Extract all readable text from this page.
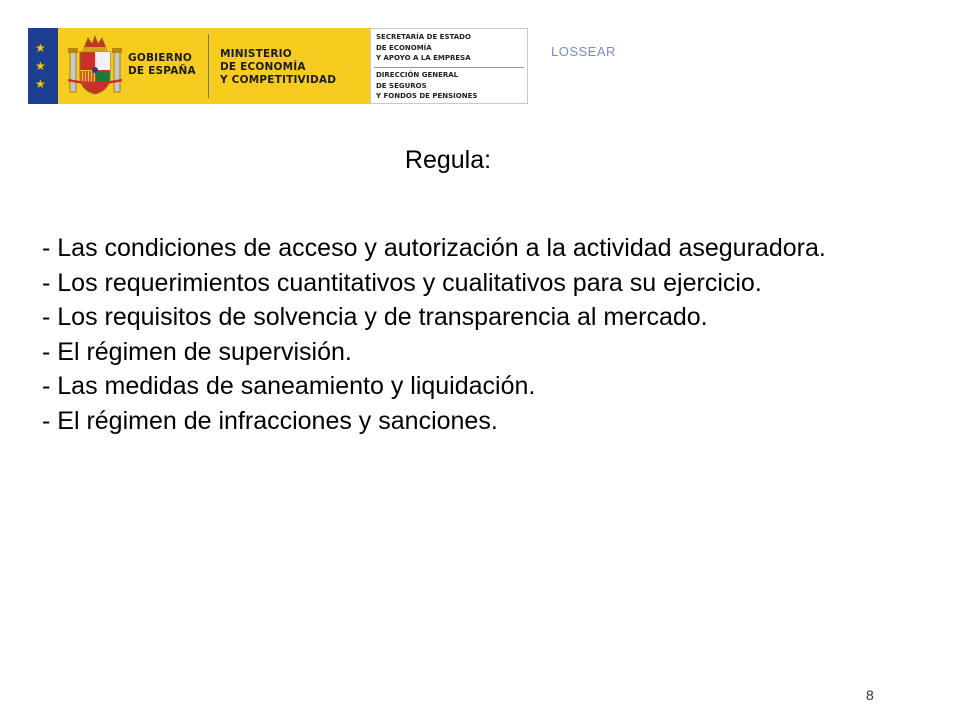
★
★
★
GOBIERNO
DE ESPAÑA
MINISTERIO
DE ECONOMÍA
Y COMPETITIVIDAD
SECRETARÍA DE ESTADO
DE ECONOMÍA
Y APOYO A LA EMPRESA
DIRECCIÓN GENERAL
DE SEGUROS
Y FONDOS DE PENSIONES
LOSSEAR
Regula:
- Las condiciones de acceso y autorización a la actividad aseguradora.
- Los requerimientos cuantitativos y cualitativos para su ejercicio.
- Los requisitos de solvencia y de transparencia al mercado.
- El régimen de supervisión.
- Las medidas de saneamiento y liquidación.
- El régimen de infracciones y sanciones.
8
